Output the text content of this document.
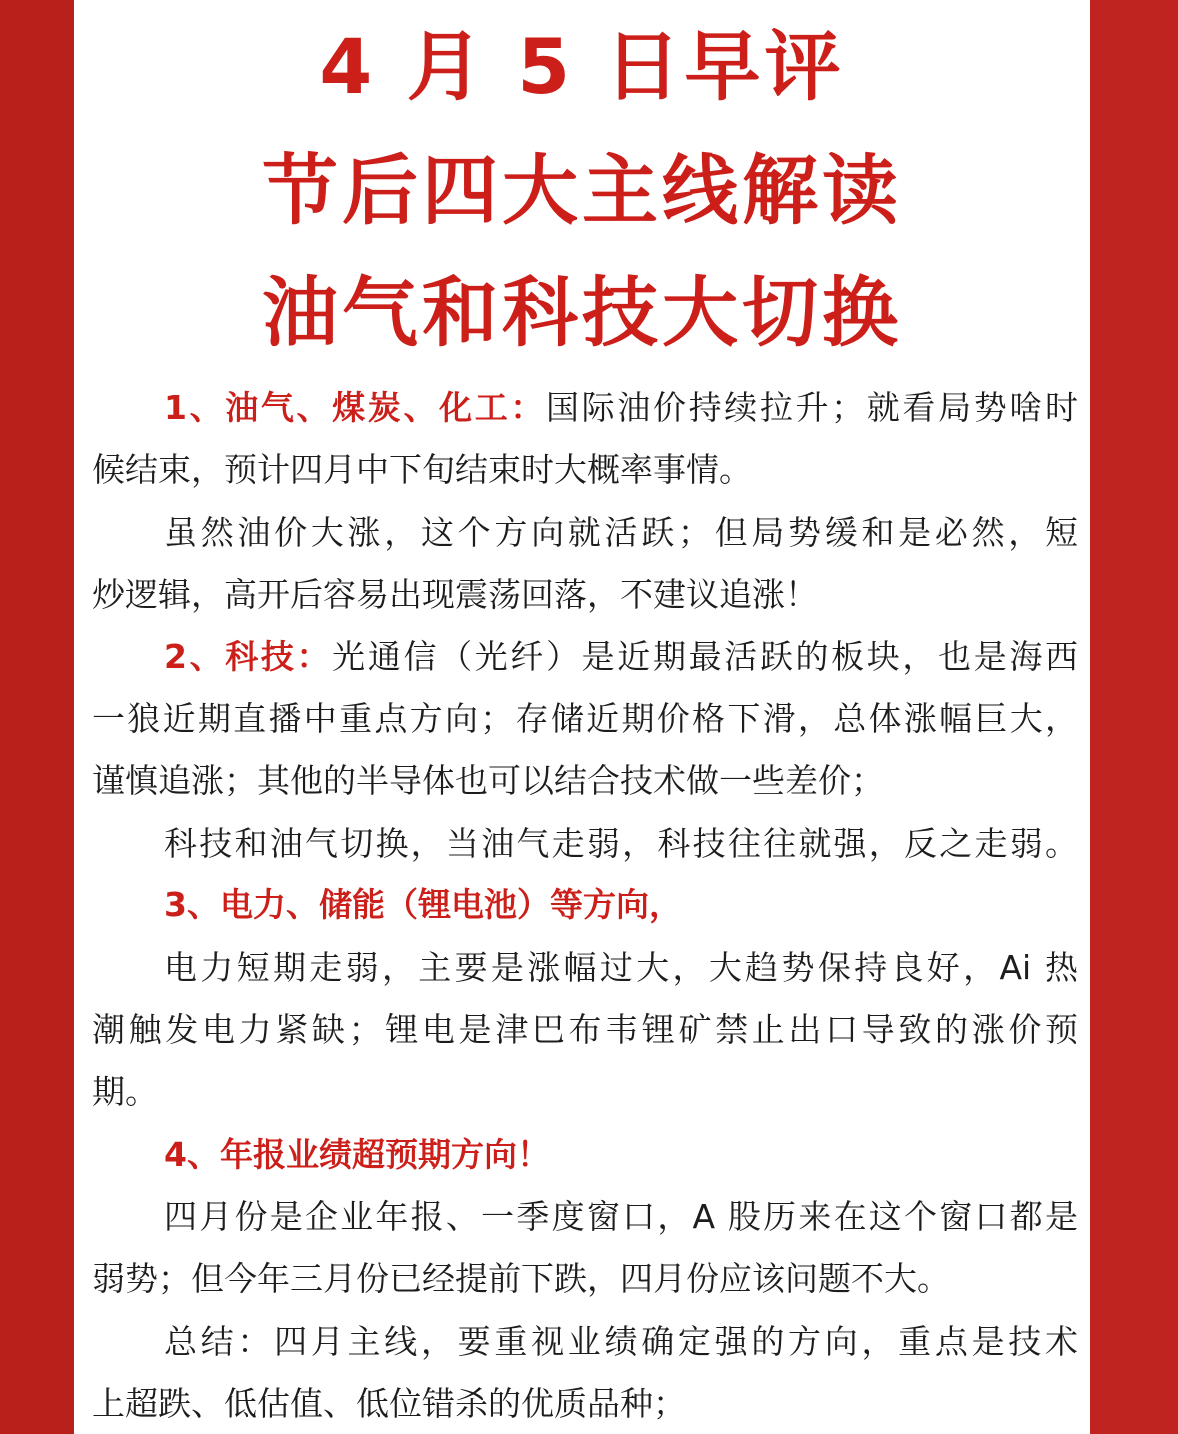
4 月 5 日早评
节后四大主线解读
油气和科技大切换
1、油气、煤炭、化工：国际油价持续拉升；就看局势啥时
候结束，预计四月中下旬结束时大概率事情。
虽然油价大涨，这个方向就活跃；但局势缓和是必然，短
炒逻辑，高开后容易出现震荡回落，不建议追涨！
2、科技：光通信（光纤）是近期最活跃的板块，也是海西
一狼近期直播中重点方向；存储近期价格下滑，总体涨幅巨大，
谨慎追涨；其他的半导体也可以结合技术做一些差价；
科技和油气切换，当油气走弱，科技往往就强，反之走弱。
3、电力、储能（锂电池）等方向，
电力短期走弱，主要是涨幅过大，大趋势保持良好，Ai 热
潮触发电力紧缺；锂电是津巴布韦锂矿禁止出口导致的涨价预
期。
4、年报业绩超预期方向！
四月份是企业年报、一季度窗口，A 股历来在这个窗口都是
弱势；但今年三月份已经提前下跌，四月份应该问题不大。
总结：四月主线，要重视业绩确定强的方向，重点是技术
上超跌、低估值、低位错杀的优质品种；
